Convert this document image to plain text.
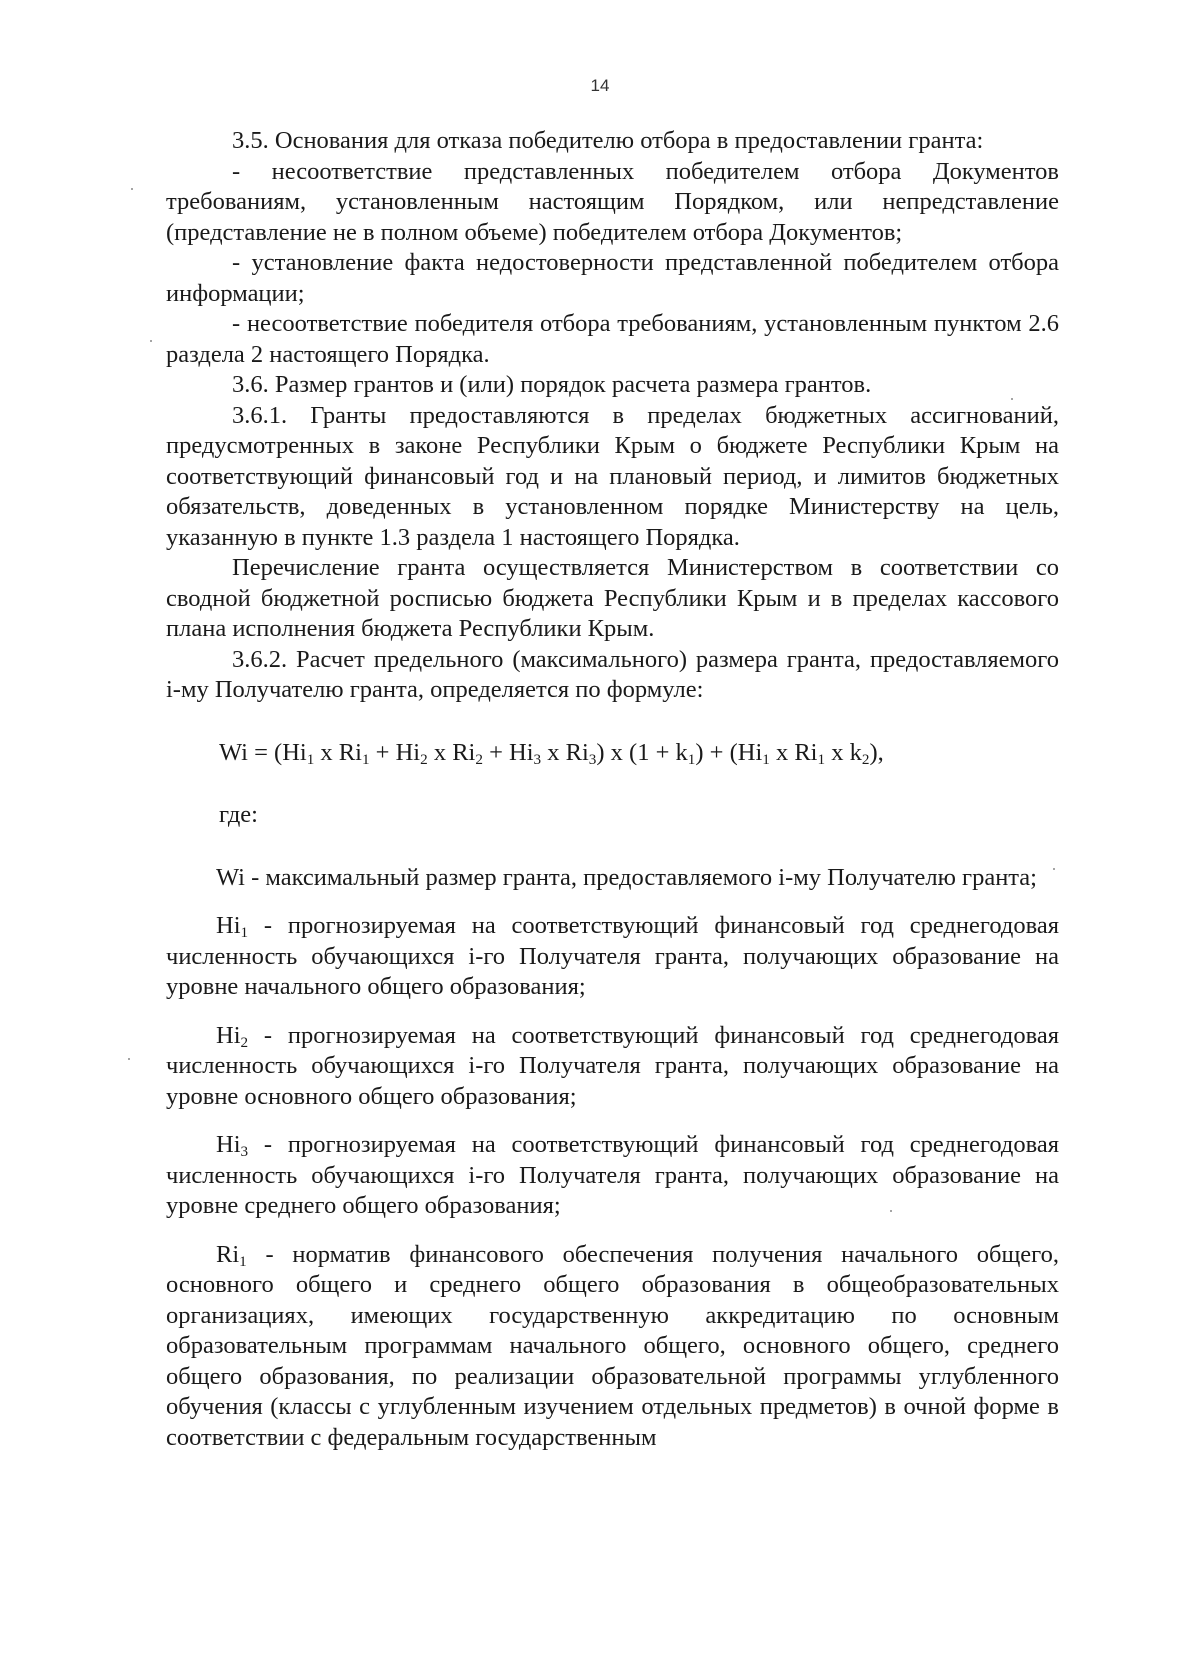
14

3.5. Основания для отказа победителю отбора в предоставлении гранта:

- несоответствие представленных победителем отбора Документов требованиям, установленным настоящим Порядком, или непредставление (представление не в полном объеме) победителем отбора Документов;

- установление факта недостоверности представленной победителем отбора информации;

- несоответствие победителя отбора требованиям, установленным пунктом 2.6 раздела 2 настоящего Порядка.

3.6. Размер грантов и (или) порядок расчета размера грантов.

3.6.1. Гранты предоставляются в пределах бюджетных ассигнований, предусмотренных в законе Республики Крым о бюджете Республики Крым на соответствующий финансовый год и на плановый период, и лимитов бюджетных обязательств, доведенных в установленном порядке Министерству на цель, указанную в пункте 1.3 раздела 1 настоящего Порядка.

Перечисление гранта осуществляется Министерством в соответствии со сводной бюджетной росписью бюджета Республики Крым и в пределах кассового плана исполнения бюджета Республики Крым.

3.6.2. Расчет предельного (максимального) размера гранта, предоставляемого i-му Получателю гранта, определяется по формуле:

$Wi = (Hi_1$ x $Ri_1 + Hi_2$ x $Ri_2 + Hi_3$ x $Ri_3$) x $(1 + k_1) + (Hi_1$ x $Ri_1$ x $k_2$),

где:

Wi - максимальный размер гранта, предоставляемого i-му Получателю гранта;

$Hi_1$ - прогнозируемая на соответствующий финансовый год среднегодовая численность обучающихся i-го Получателя гранта, получающих образование на уровне начального общего образования;

$Hi_2$ - прогнозируемая на соответствующий финансовый год среднегодовая численность обучающихся i-го Получателя гранта, получающих образование на уровне основного общего образования;

$Hi_3$ - прогнозируемая на соответствующий финансовый год среднегодовая численность обучающихся i-го Получателя гранта, получающих образование на уровне среднего общего образования;

$Ri_1$ - норматив финансового обеспечения получения начального общего, основного общего и среднего общего образования в общеобразовательных организациях, имеющих государственную аккредитацию по основным образовательным программам начального общего, основного общего, среднего общего образования, по реализации образовательной программы углубленного обучения (классы с углубленным изучением отдельных предметов) в очной форме в соответствии с федеральным государственным
